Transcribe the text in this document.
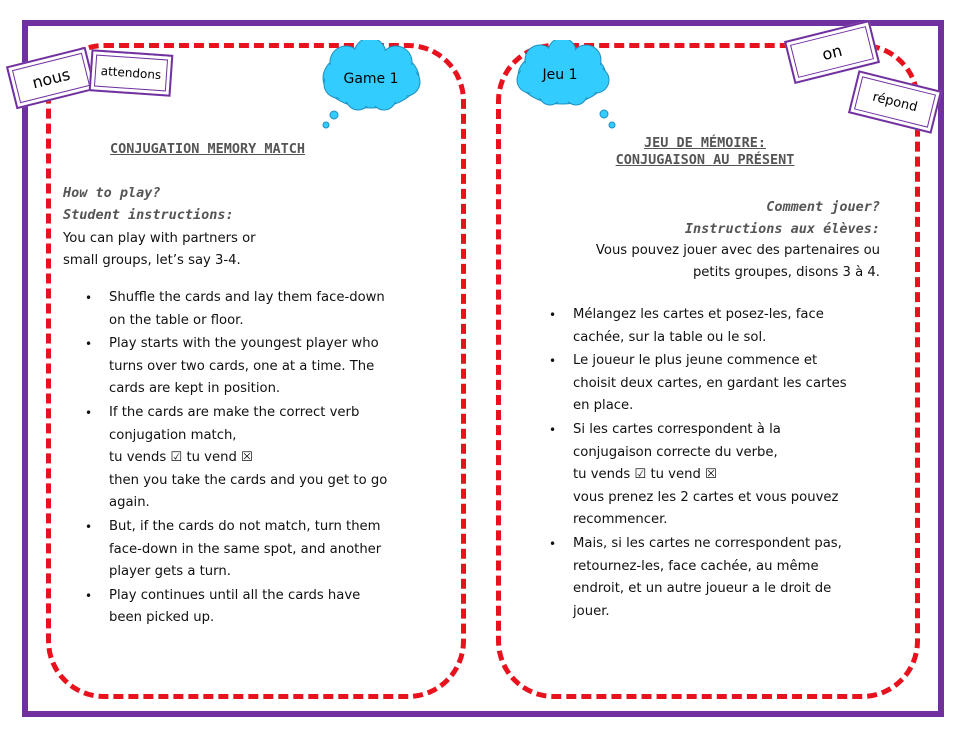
nous attendons
on
répond
Game 1	Jeu 1
CONJUGATION MEMORY MATCH
How to play?
Student instructions:
You can play with partners or
small groups, let’s say 3-4.
• Shuffle the cards and lay them face-down
on the table or floor.
• Play starts with the youngest player who
turns over two cards, one at a time. The
cards are kept in position.
• If the cards are make the correct verb
conjugation match,
tu vends ☑ tu vend ☒
then you take the cards and you get to go
again.
• But, if the cards do not match, turn them
face-down in the same spot, and another
player gets a turn.
• Play continues until all the cards have
been picked up.
JEU DE MÉMOIRE:
CONJUGAISON AU PRÉSENT
Comment jouer?
Instructions aux élèves:
Vous pouvez jouer avec des partenaires ou
petits groupes, disons 3 à 4.
• Mélangez les cartes et posez-les, face
cachée, sur la table ou le sol.
• Le joueur le plus jeune commence et
choisit deux cartes, en gardant les cartes
en place.
• Si les cartes correspondent à la
conjugaison correcte du verbe,
tu vends ☑ tu vend ☒
vous prenez les 2 cartes et vous pouvez
recommencer.
• Mais, si les cartes ne correspondent pas,
retournez-les, face cachée, au même
endroit, et un autre joueur a le droit de
jouer.
